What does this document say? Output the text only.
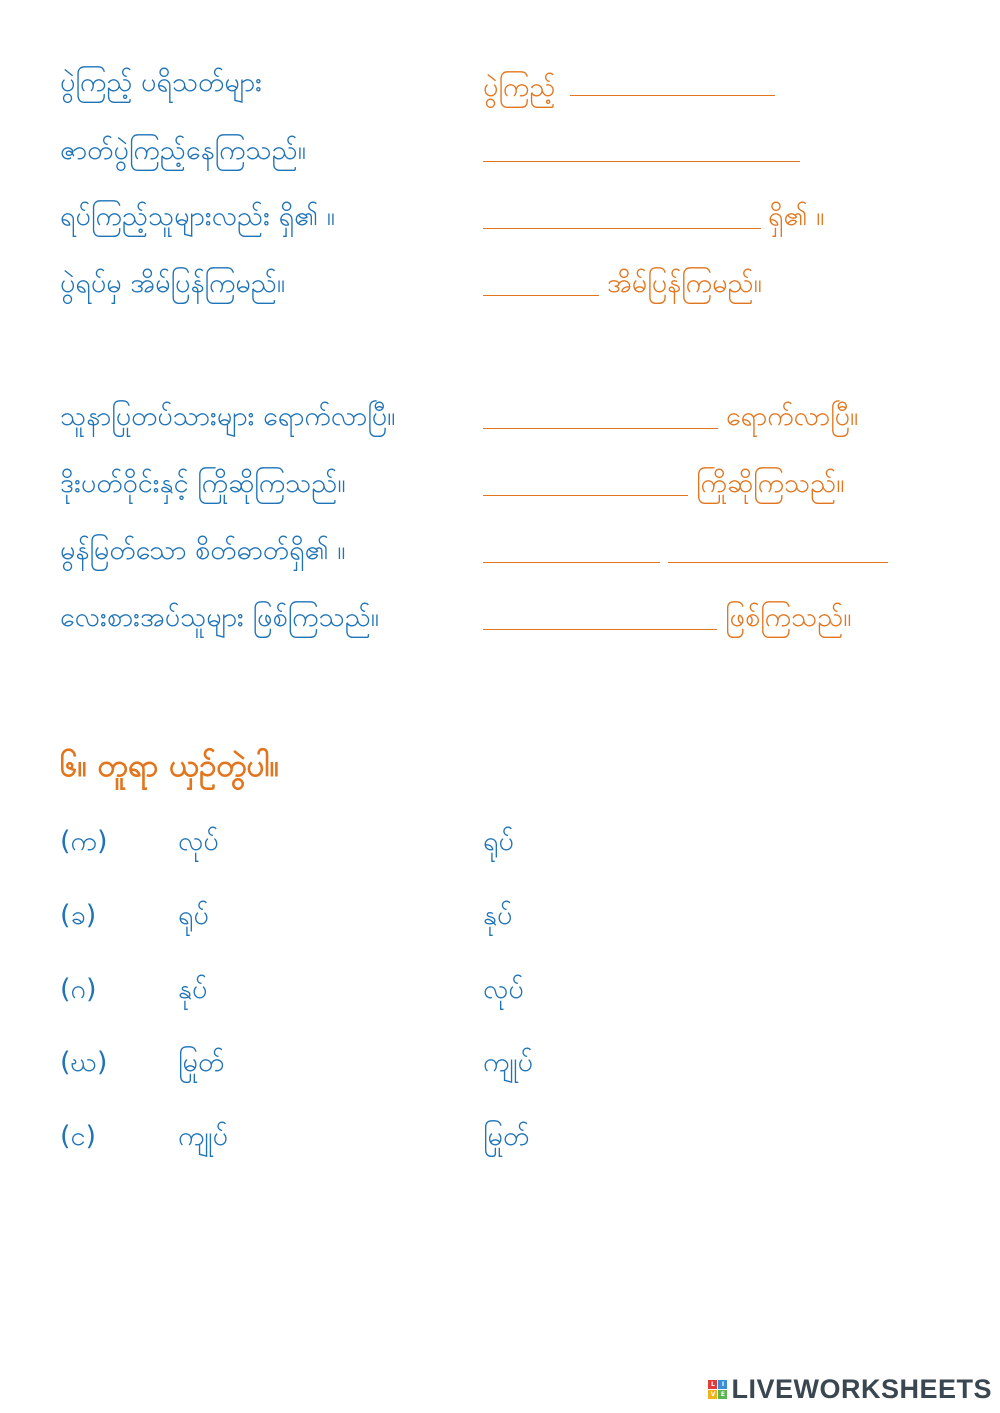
ပွဲကြည့် ပရိသတ်များ	ပွဲကြည့်
ဇာတ်ပွဲကြည့်နေကြသည်။
ရပ်ကြည့်သူများလည်း ရှိ၏ ။	ရှိ၏ ။
ပွဲရပ်မှ အိမ်ပြန်ကြမည်။	အိမ်ပြန်ကြမည်။
သူနာပြုတပ်သားများ ရောက်လာပြီ။	ရောက်လာပြီ။
ဒိုးပတ်ဝိုင်းနှင့် ကြိုဆိုကြသည်။	ကြိုဆိုကြသည်။
မွန်မြတ်သော စိတ်ဓာတ်ရှိ၏ ။
လေးစားအပ်သူများ ဖြစ်ကြသည်။	ဖြစ်ကြသည်။
၆။ တူရာ ယှဉ်တွဲပါ။
(က)	လုပ်	ရုပ်
(ခ)	ရုပ်	နုပ်
(ဂ)	နုပ်	လုပ်
(ဃ)	မြုတ်	ကျုပ်
(င)	ကျုပ်	မြုတ်
L	I
V E LIVEWORKSHEETS
